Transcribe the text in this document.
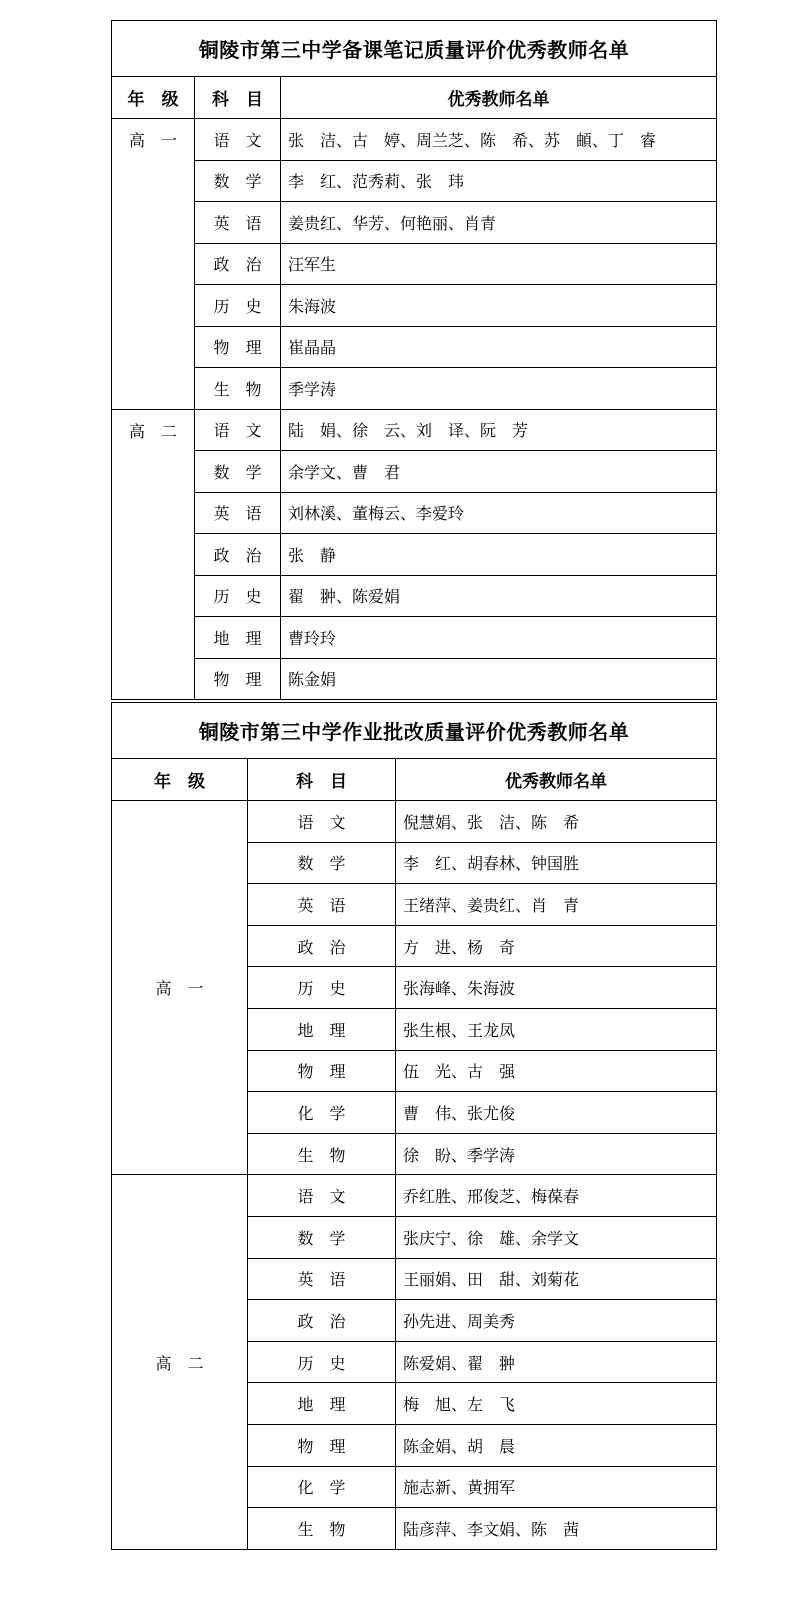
铜陵市第三中学备课笔记质量评价优秀教师名单		
年　级	科　目	优秀教师名单
高　一	语　文	张　洁、古　婷、周兰芝、陈　希、苏　頔、丁　睿
	数　学	李　红、范秀莉、张　玮
	英　语	姜贵红、华芳、何艳丽、肖青
	政　治	汪军生
	历　史	朱海波
	物　理	崔晶晶
	生　物	季学涛
高　二	语　文	陆　娟、徐　云、刘　译、阮　芳
	数　学	余学文、曹　君
	英　语	刘林溪、董梅云、李爱玲
	政　治	张　静
	历　史	翟　翀、陈爱娟
	地　理	曹玲玲
	物　理	陈金娟
铜陵市第三中学作业批改质量评价优秀教师名单		
年　级	科　目	优秀教师名单
高　一	语　文	倪慧娟、张　洁、陈　希
	数　学	李　红、胡春林、钟国胜
	英　语	王绪萍、姜贵红、肖　青
	政　治	方　进、杨　奇
	历　史	张海峰、朱海波
	地　理	张生根、王龙凤
	物　理	伍　光、古　强
	化　学	曹　伟、张尤俊
	生　物	徐　盼、季学涛
高　二	语　文	乔红胜、邢俊芝、梅葆春
	数　学	张庆宁、徐　雄、余学文
	英　语	王丽娟、田　甜、刘菊花
	政　治	孙先进、周美秀
	历　史	陈爱娟、翟　翀
	地　理	梅　旭、左　飞
	物　理	陈金娟、胡　晨
	化　学	施志新、黄拥军
	生　物	陆彦萍、李文娟、陈　茜
